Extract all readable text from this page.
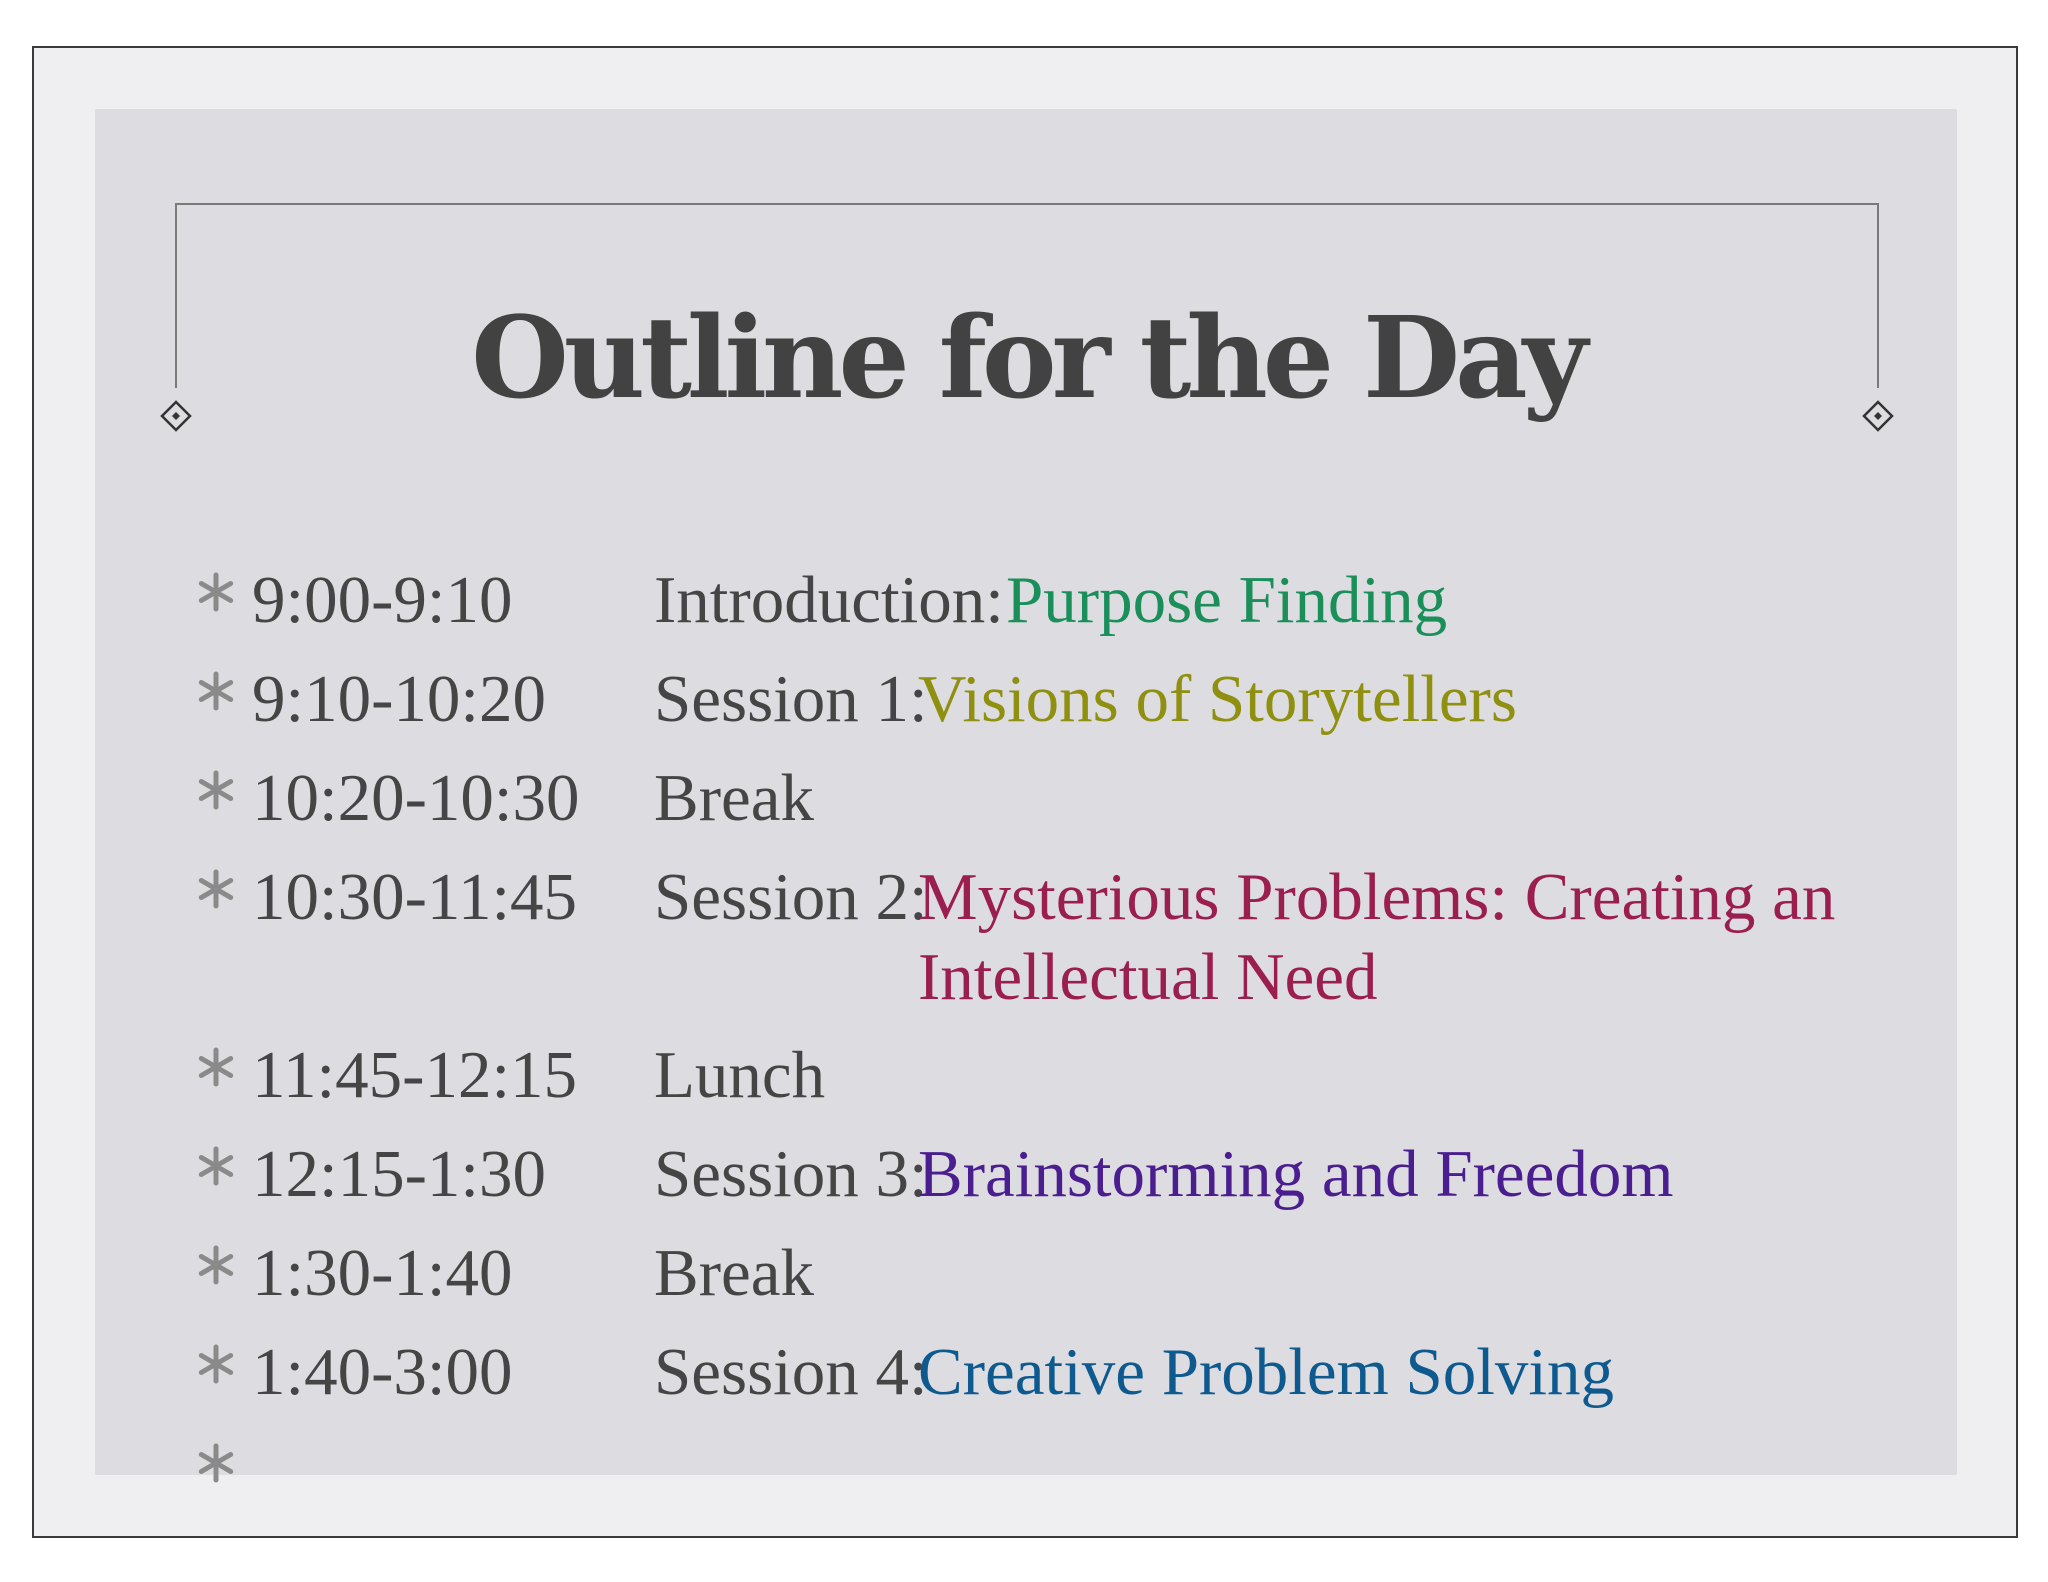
Outline for the Day
9:00-9:10 Introduction: Purpose Finding
9:10-10:20 Session 1:
Visions of Storytellers
10:20-10:30 Break
10:30-11:45 Session 2:
Mysterious Problems: Creating an
Intellectual Need
11:45-12:15 Lunch
12:15-1:30 Session 3:
Brainstorming and Freedom
1:30-1:40 Break
1:40-3:00 Session 4:
Creative Problem Solving
